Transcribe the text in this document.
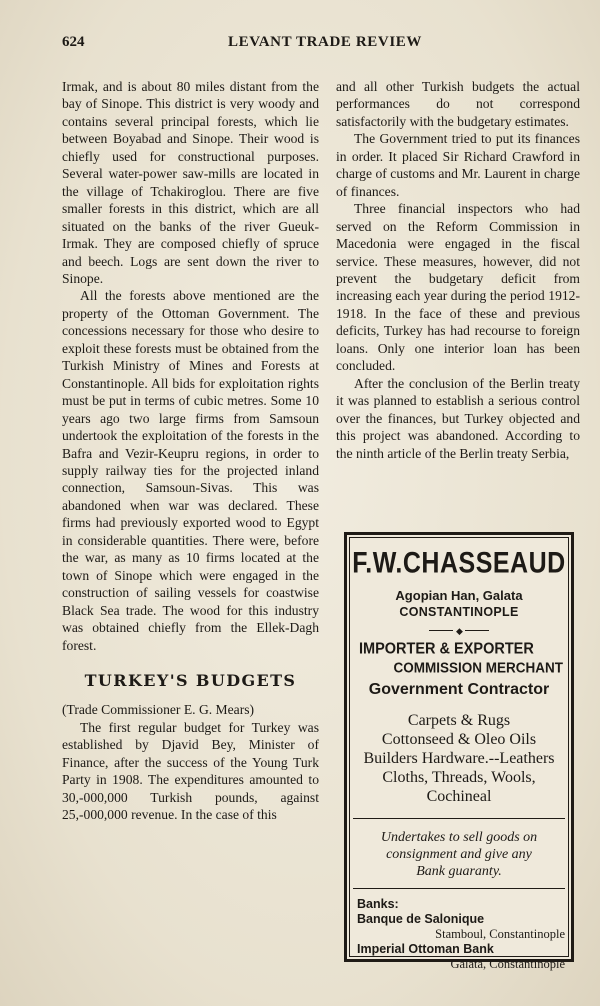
624	LEVANT TRADE REVIEW

Irmak, and is about 80 miles distant from the bay of Sinope. This district is very woody and contains several principal forests, which lie between Boyabad and Sinope. Their wood is chiefly used for constructional purposes. Several water-power saw-mills are located in the village of Tchakiroglou. There are five smaller forests in this district, which are all situated on the banks of the river Gueuk-Irmak. They are composed chiefly of spruce and beech. Logs are sent down the river to Sinope.

All the forests above mentioned are the property of the Ottoman Government. The concessions necessary for those who desire to exploit these forests must be obtained from the Turkish Ministry of Mines and Forests at Constantinople. All bids for exploitation rights must be put in terms of cubic metres. Some 10 years ago two large firms from Samsoun undertook the exploitation of the forests in the Bafra and Vezir-Keupru regions, in order to supply railway ties for the projected inland connection, Samsoun-Sivas. This was abandoned when war was declared. These firms had previously exported wood to Egypt in considerable quantities. There were, before the war, as many as 10 firms located at the town of Sinope which were engaged in the construction of sailing vessels for coastwise Black Sea trade. The wood for this industry was obtained chiefly from the Ellek-Dagh forest.

TURKEY'S BUDGETS

(Trade Commissioner E. G. Mears)

The first regular budget for Turkey was established by Djavid Bey, Minister of Finance, after the success of the Young Turk Party in 1908. The expenditures amounted to 30,-000,000 Turkish pounds, against 25,-000,000 revenue. In the case of this

and all other Turkish budgets the actual performances do not correspond satisfactorily with the budgetary estimates.

The Government tried to put its finances in order. It placed Sir Richard Crawford in charge of customs and Mr. Laurent in charge of finances.

Three financial inspectors who had served on the Reform Commission in Macedonia were engaged in the fiscal service. These measures, however, did not prevent the budgetary deficit from increasing each year during the period 1912-1918. In the face of these and previous deficits, Turkey has had recourse to foreign loans. Only one interior loan has been concluded.

After the conclusion of the Berlin treaty it was planned to establish a serious control over the finances, but Turkey objected and this project was abandoned. According to the ninth article of the Berlin treaty Serbia,

F.W.CHASSEAUD
Agopian Han, Galata
CONSTANTINOPLE
◆
IMPORTER & EXPORTER
COMMISSION MERCHANT
Government Contractor
Carpets & Rugs
Cottonseed & Oleo Oils
Builders Hardware.--Leathers
Cloths, Threads, Wools,
Cochineal
Undertakes to sell goods on
consignment and give any
Bank guaranty.
Banks:
Banque de Salonique
Stamboul, Constantinople
Imperial Ottoman Bank
Galata, Constantinople
